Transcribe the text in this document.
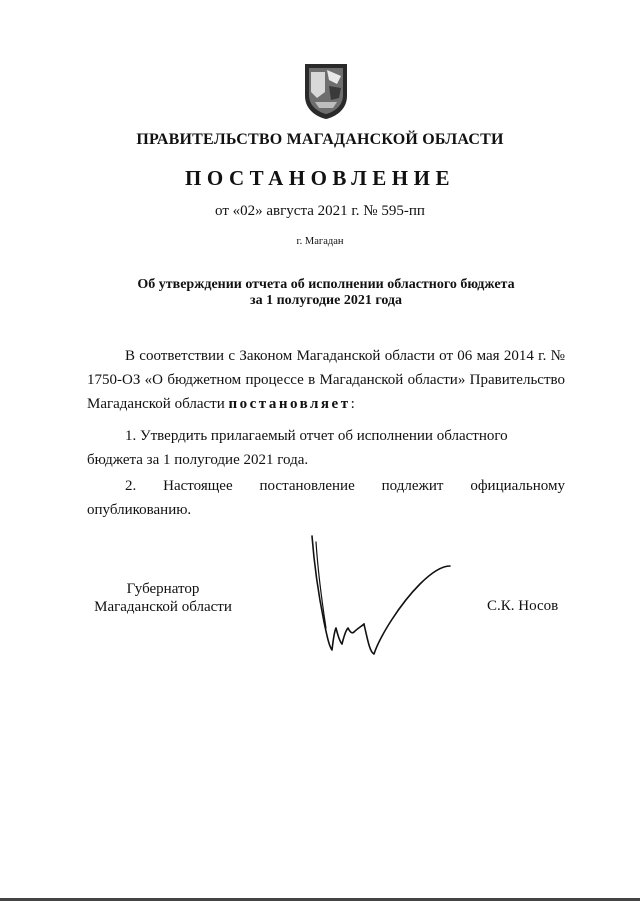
ПРАВИТЕЛЬСТВО МАГАДАНСКОЙ ОБЛАСТИ
ПОСТАНОВЛЕНИЕ
от «02» августа 2021 г. № 595-пп
г. Магадан
Об утверждении отчета об исполнении областного бюджета
за 1 полугодие 2021 года
В соответствии с Законом Магаданской области от 06 мая 2014 г. № 1750-ОЗ «О бюджетном процессе в Магаданской области» Правительство Магаданской области постановляет:
1. Утвердить прилагаемый отчет об исполнении областного бюджета за 1 полугодие 2021 года.
2. Настоящее постановление подлежит официальному
опубликованию.
Губернатор
Магаданской области	С.К. Носов
